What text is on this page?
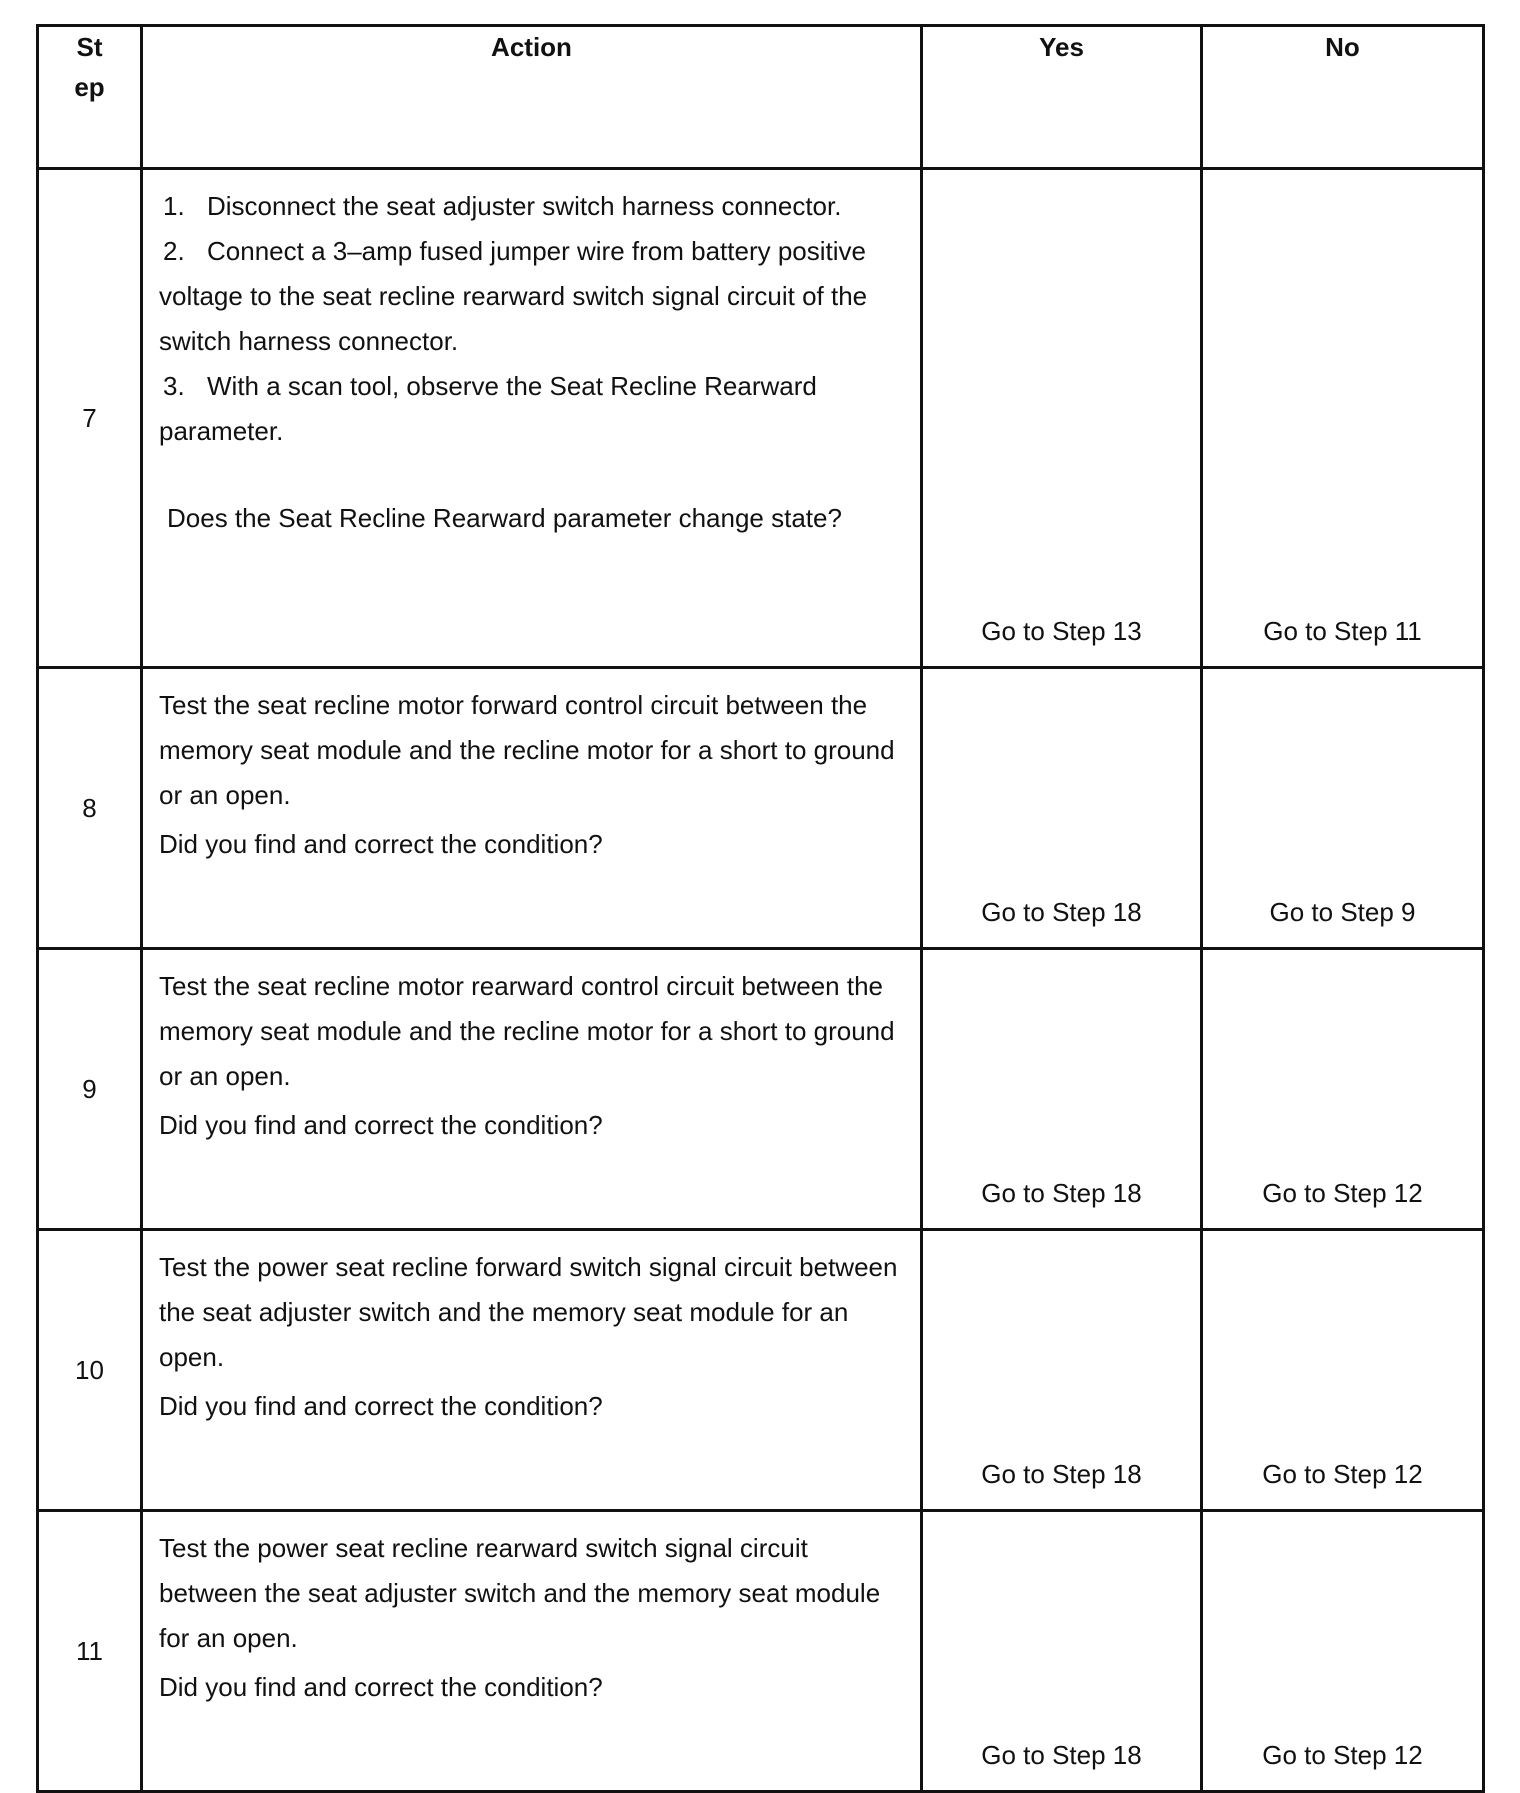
St
ep	Action	Yes	No
7	1. Disconnect the seat adjuster switch harness connector.
2. Connect a 3–amp fused jumper wire from battery positive voltage to the seat recline rearward switch signal circuit of the switch harness connector.
3. With a scan tool, observe the Seat Recline Rearward parameter.
Does the Seat Recline Rearward parameter change state?	Go to Step 13	Go to Step 11
8	Test the seat recline motor forward control circuit between the memory seat module and the recline motor for a short to ground or an open.
Did you find and correct the condition?	Go to Step 18	Go to Step 9
9	Test the seat recline motor rearward control circuit between the memory seat module and the recline motor for a short to ground or an open.
Did you find and correct the condition?	Go to Step 18	Go to Step 12
10	Test the power seat recline forward switch signal circuit between the seat adjuster switch and the memory seat module for an open.
Did you find and correct the condition?	Go to Step 18	Go to Step 12
11	Test the power seat recline rearward switch signal circuit between the seat adjuster switch and the memory seat module for an open.
Did you find and correct the condition?	Go to Step 18	Go to Step 12
